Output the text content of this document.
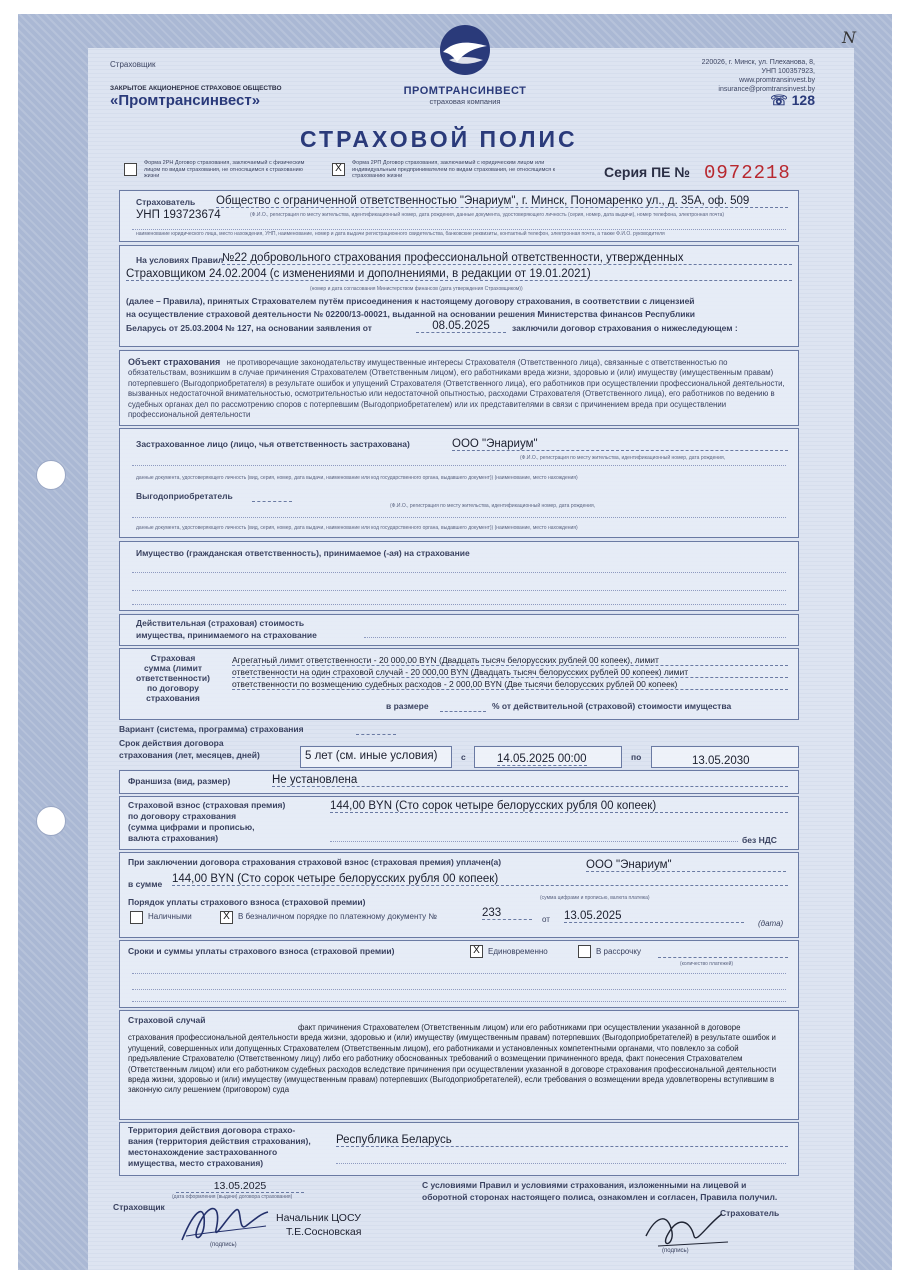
N
Страховщик
ЗАКРЫТОЕ АКЦИОНЕРНОЕ СТРАХОВОЕ ОБЩЕСТВО
«Промтрансинвест»
ПРОМТРАНСИНВЕСТ
страховая компания
220026, г. Минск, ул. Плеханова, 8,
УНП 100357923,
www.promtransinvest.by
insurance@promtransinvest.by
☏ 128
СТРАХОВОЙ ПОЛИС
Форма 2РН Договор страхования, заключаемый с физическим лицом по видам страхования, не относящимся к страхованию жизни
X	Форма 2РП Договор страхования, заключаемый с юридическим лицом или индивидуальным предпринимателем по видам страхования, не относящимся к страхованию жизни	Серия ПЕ № 0972218
Страхователь Общество с ограниченной ответственностью "Энариум", г. Минск, Пономаренко ул., д. 35А, оф. 509
УНП 193723674	(Ф.И.О., регистрация по месту жительства, идентификационный номер, дата рождения, данные документа, удостоверяющего личность (серия, номер, дата выдачи), номер телефона, электронная почта)
наименование юридического лица, место нахождения, УНП, наименование, номер и дата выдачи регистрационного свидетельства, банковские реквизиты, контактный телефон, электронная почта, а также Ф.И.О. руководителя
На условиях Правил
№22 добровольного страхования профессиональной ответственности, утвержденных
Страховщиком 24.02.2004 (с изменениями и дополнениями, в редакции от 19.01.2021)
(номер и дата согласования Министерством финансов (дата утверждения Страховщиком))
(далее – Правила), принятых Страхователем путём присоединения к настоящему договору страхования, в соответствии с лицензией
на осуществление страховой деятельности № 02200/13-00021, выданной на основании решения Министерства финансов Республики
Беларусь от 25.03.2004 № 127, на основании заявления от	08.05.2025	заключили договор страхования о нижеследующем :
Объект страхования не противоречащие законодательству имущественные интересы Страхователя (Ответственного лица), связанные с ответственностью по обязательствам, возникшим в случае причинения Страхователем (Ответственным лицом), его работниками вреда жизни, здоровью и (или) имуществу (имущественным правам) потерпевшего (Выгодоприобретателя) в результате ошибок и упущений Страхователя (Ответственного лица), его работников при осуществлении профессиональной деятельности, вызванных недостаточной внимательностью, осмотрительностью или недостаточной опытностью, расходами Страхователя (Ответственного лица), его работников по ведению в судебных органах дел по рассмотрению споров с потерпевшим (Выгодоприобретателем) или их представителями в связи с причинением вреда при осуществлении профессиональной деятельности
Застрахованное лицо (лицо, чья ответственность застрахована)	ООО "Энариум"
(Ф.И.О., регистрация по месту жительства, идентификационный номер, дата рождения,
данные документа, удостоверяющего личность (вид, серия, номер, дата выдачи, наименование или код государственного органа, выдавшего документ)) (наименование, место нахождения)
Выгодоприобретатель
(Ф.И.О., регистрация по месту жительства, идентификационный номер, дата рождения,
данные документа, удостоверяющего личность (вид, серия, номер, дата выдачи, наименование или код государственного органа, выдавшего документ)) (наименование, место нахождения)
Имущество (гражданская ответственность), принимаемое (-ая) на страхование
Действительная (страховая) стоимость
имущества, принимаемого на страхование
Страховая
сумма (лимит
ответственности)
по договору
страхования
Агрегатный лимит ответственности - 20 000,00 BYN (Двадцать тысяч белорусских рублей 00 копеек), лимит
ответственности на один страховой случай - 20 000,00 BYN (Двадцать тысяч белорусских рублей 00 копеек) лимит
ответственности по возмещению судебных расходов - 2 000,00 BYN (Две тысячи белорусских рублей 00 копеек)
в размере	% от действительной (страховой) стоимости имущества
Вариант (система, программа) страхования
Срок действия договора
страхования (лет, месяцев, дней)	5 лет (см. иные условия)	с	14.05.2025 00:00	по	13.05.2030
Франшиза (вид, размер)	Не установлена
Страховой взнос (страховая премия)
по договору страхования
(сумма цифрами и прописью,
валюта страхования)
144,00 BYN (Сто сорок четыре белорусских рубля 00 копеек)
без НДС
При заключении договора страхования страховой взнос (страховая премия) уплачен(а)	ООО "Энариум"
в сумме 144,00 BYN (Сто сорок четыре белорусских рубля 00 копеек)
(сумма цифрами и прописью, валюта платежа)
Порядок уплаты страхового взноса (страховой премии)
Наличными	X	В безналичном порядке по платежному документу №	233
от 13.05.2025
(дата)
Сроки и суммы уплаты страхового взноса (страховой премии)	X	Единовременно	В рассрочку
(количество платежей)
Страховой случай
факт причинения Страхователем (Ответственным лицом) или его работниками при осуществлении указанной в договоре страхования профессиональной деятельности вреда жизни, здоровью и (или) имуществу (имущественным правам) потерпевших (Выгодоприобретателей) в результате ошибок и упущений, совершенных или допущенных Страхователем (Ответственным лицом), его работниками и установленных компетентными органами, что повлекло за собой предъявление Страхователю (Ответственному лицу) либо его работнику обоснованных требований о возмещении причиненного вреда, факт понесения Страхователем (Ответственным лицом) или его работником судебных расходов вследствие причинения при осуществлении указанной в договоре страхования профессиональной деятельности вреда жизни, здоровью и (или) имуществу (имущественным правам) потерпевших (Выгодоприобретателей), если требования о возмещении вреда удовлетворены вступившим в законную силу решением (приговором) суда
Территория действия договора страхо-
вания (территория действия страхования),
местонахождение застрахованного
имущества, место страхования)
Республика Беларусь
13.05.2025
(дата оформления (выдачи) договора страхования)
Страховщик
(подпись)
Начальник ЦОСУ
Т.Е.Сосновская
С условиями Правил и условиями страхования, изложенными на лицевой и
оборотной сторонах настоящего полиса, ознакомлен и согласен, Правила получил.
Страхователь
(подпись)
